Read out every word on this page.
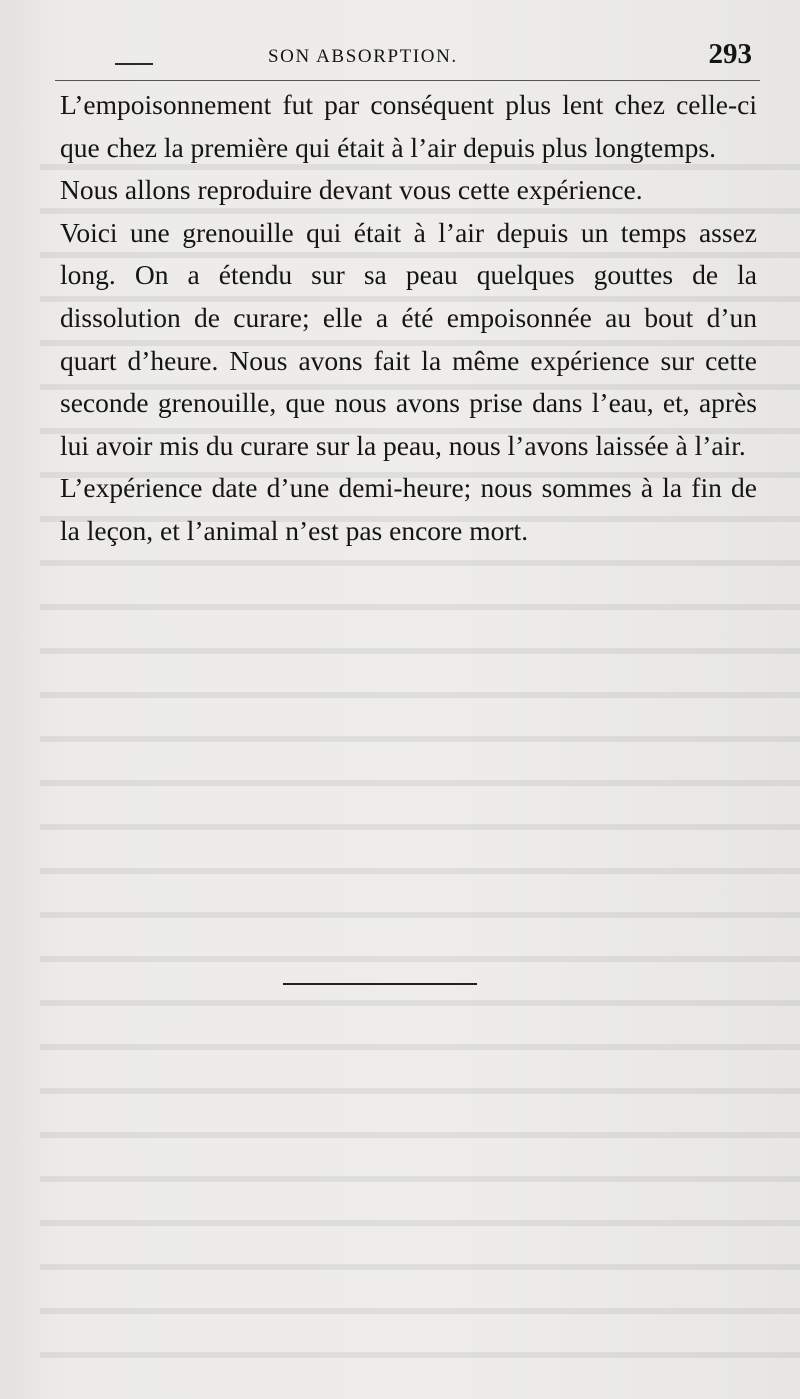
SON ABSORPTION.	293

L’empoisonnement fut par conséquent plus lent chez celle-ci que chez la première qui était à l’air depuis plus longtemps.

Nous allons reproduire devant vous cette expérience.

Voici une grenouille qui était à l’air depuis un temps assez long. On a étendu sur sa peau quelques gouttes de la dissolution de curare; elle a été empoisonnée au bout d’un quart d’heure. Nous avons fait la même expérience sur cette seconde grenouille, que nous avons prise dans l’eau, et, après lui avoir mis du curare sur la peau, nous l’avons laissée à l’air.

L’expérience date d’une demi-heure; nous sommes à la fin de la leçon, et l’animal n’est pas encore mort.
